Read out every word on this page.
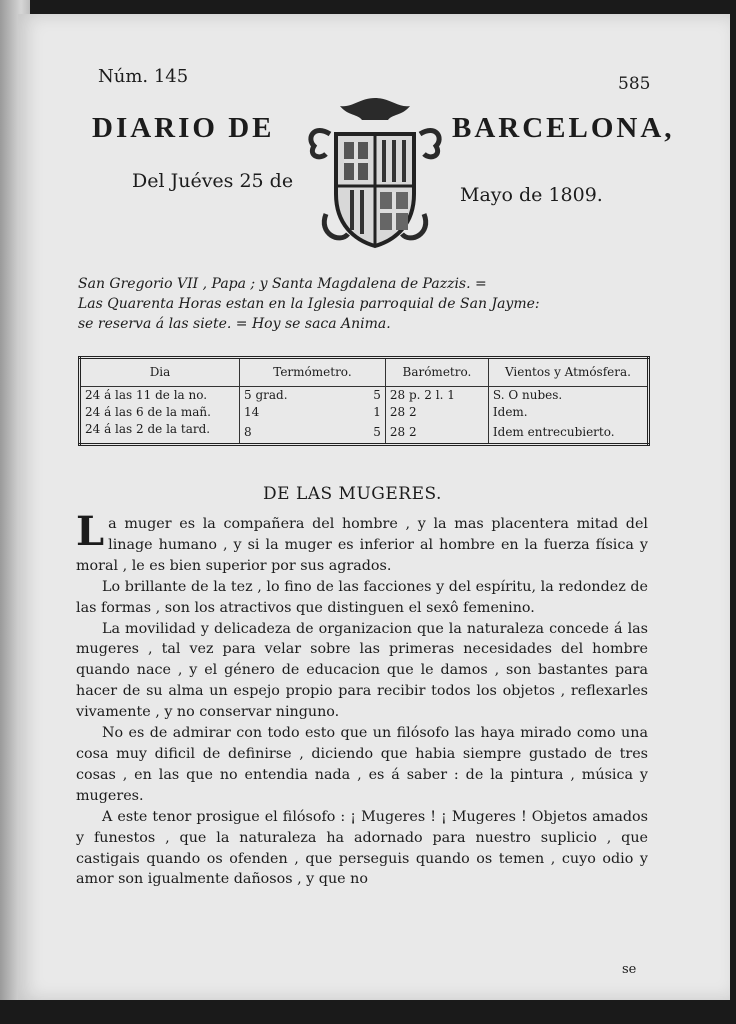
Núm. 145	585
DIARIO DE	BARCELONA,
Del Juéves 25 de
Mayo de 1809.
San Gregorio VII , Papa ; y Santa Magdalena de Pazzis. =
Las Quarenta Horas estan en la Iglesia parroquial de San Jayme:
se reserva á las siete. = Hoy se saca Anima.
Dia	Termómetro.		Barómetro.	Vientos y Atmósfera.
24 á las 11 de la no.	5 grad.	5	28 p. 2 l. 1	S. O nubes.
24 á las 6 de la mañ.	14	1	28 2	Idem.
24 á las 2 de la tard.	8	5	28 2	Idem entrecubierto.
DE LAS MUGERES.

La muger es la compañera del hombre , y la mas placentera mitad del linage humano , y si la muger es inferior al hombre en la fuerza física y moral , le es bien superior por sus agrados.

Lo brillante de la tez , lo fino de las facciones y del espíritu, la redondez de las formas , son los atractivos que distinguen el sexô femenino.

La movilidad y delicadeza de organizacion que la naturaleza concede á las mugeres , tal vez para velar sobre las primeras necesidades del hombre quando nace , y el género de educacion que le damos , son bastantes para hacer de su alma un espejo propio para recibir todos los objetos , reflexarles vivamente , y no conservar ninguno.

No es de admirar con todo esto que un filósofo las haya mirado como una cosa muy dificil de definirse , diciendo que habia siempre gustado de tres cosas , en las que no entendia nada , es á saber : de la pintura , música y mugeres.

A este tenor prosigue el filósofo : ¡ Mugeres ! ¡ Mugeres ! Objetos amados y funestos , que la naturaleza ha adornado para nuestro suplicio , que castigais quando os ofenden , que perseguis quando os temen , cuyo odio y amor son igualmente dañosos , y que no

se
